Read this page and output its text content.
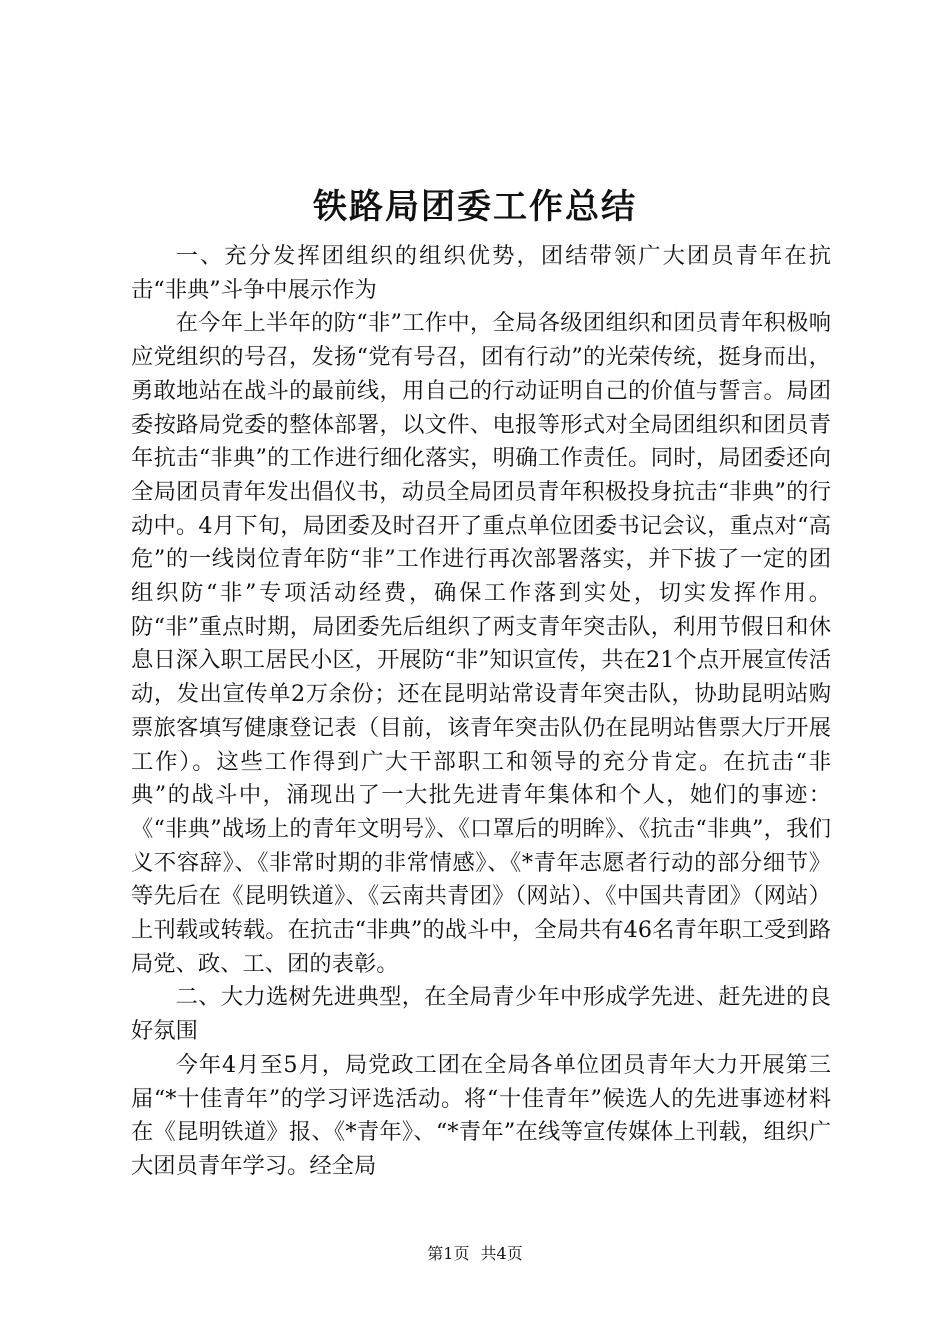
铁路局团委工作总结

一、充分发挥团组织的组织优势，团结带领广大团员青年在抗击“非典”斗争中展示作为

在今年上半年的防“非”工作中，全局各级团组织和团员青年积极响应党组织的号召，发扬“党有号召，团有行动”的光荣传统，挺身而出，勇敢地站在战斗的最前线，用自己的行动证明自己的价值与誓言。局团委按路局党委的整体部署，以文件、电报等形式对全局团组织和团员青年抗击“非典”的工作进行细化落实，明确工作责任。同时，局团委还向全局团员青年发出倡仪书，动员全局团员青年积极投身抗击“非典”的行动中。4月下旬，局团委及时召开了重点单位团委书记会议，重点对“高危”的一线岗位青年防“非”工作进行再次部署落实，并下拔了一定的团组织防“非”专项活动经费，确保工作落到实处，切实发挥作用。防“非”重点时期，局团委先后组织了两支青年突击队，利用节假日和休息日深入职工居民小区，开展防“非”知识宣传，共在21个点开展宣传活动，发出宣传单2万余份；还在昆明站常设青年突击队，协助昆明站购票旅客填写健康登记表（目前，该青年突击队仍在昆明站售票大厅开展工作）。这些工作得到广大干部职工和领导的充分肯定。在抗击“非典”的战斗中，涌现出了一大批先进青年集体和个人，她们的事迹：《“非典”战场上的青年文明号》、《口罩后的明眸》、《抗击“非典”，我们义不容辞》、《非常时期的非常情感》、《*青年志愿者行动的部分细节》等先后在《昆明铁道》、《云南共青团》（网站）、《中国共青团》（网站）上刊载或转载。在抗击“非典”的战斗中，全局共有46名青年职工受到路局党、政、工、团的表彰。

二、大力选树先进典型，在全局青少年中形成学先进、赶先进的良好氛围

今年4月至5月，局党政工团在全局各单位团员青年大力开展第三届“*十佳青年”的学习评选活动。将“十佳青年”候选人的先进事迹材料在《昆明铁道》报、《*青年》、“*青年”在线等宣传媒体上刊载，组织广大团员青年学习。经全局

第1页 共4页
